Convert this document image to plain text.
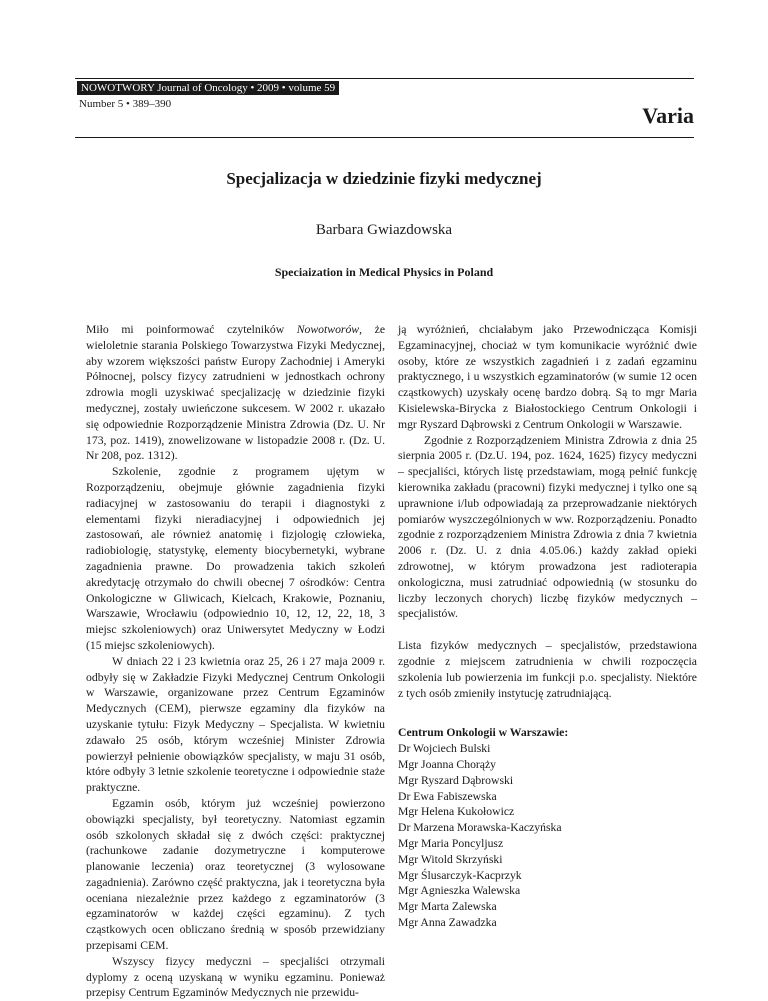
NOWOTWORY Journal of Oncology • 2009 • volume 59
Number 5 • 389–390	Varia
Specjalizacja w dziedzinie fizyki medycznej
Barbara Gwiazdowska
Speciaization in Medical Physics in Poland

Miło mi poinformować czytelników Nowotworów, że wieloletnie starania Polskiego Towarzystwa Fizyki Medycznej, aby wzorem większości państw Europy Zachodniej i Ameryki Północnej, polscy fizycy zatrudnieni w jednostkach ochrony zdrowia mogli uzyskiwać specjalizację w dziedzinie fizyki medycznej, zostały uwieńczone sukcesem. W 2002 r. ukazało się odpowiednie Rozporządzenie Ministra Zdrowia (Dz. U. Nr 173, poz. 1419), znowelizowane w listopadzie 2008 r. (Dz. U. Nr 208, poz. 1312).

Szkolenie, zgodnie z programem ujętym w Rozporządzeniu, obejmuje głównie zagadnienia fizyki radiacyjnej w zastosowaniu do terapii i diagnostyki z elementami fizyki nieradiacyjnej i odpowiednich jej zastosowań, ale również anatomię i fizjologię człowieka, radiobiologię, statystykę, elementy biocybernetyki, wybrane zagadnienia prawne. Do prowadzenia takich szkoleń akredytację otrzymało do chwili obecnej 7 ośrodków: Centra Onkologiczne w Gliwicach, Kielcach, Krakowie, Poznaniu, Warszawie, Wrocławiu (odpowiednio 10, 12, 12, 22, 18, 3 miejsc szkoleniowych) oraz Uniwersytet Medyczny w Łodzi (15 miejsc szkoleniowych).

W dniach 22 i 23 kwietnia oraz 25, 26 i 27 maja 2009 r. odbyły się w Zakładzie Fizyki Medycznej Centrum Onkologii w Warszawie, organizowane przez Centrum Egzaminów Medycznych (CEM), pierwsze egzaminy dla fizyków na uzyskanie tytułu: Fizyk Medyczny – Specjalista. W kwietniu zdawało 25 osób, którym wcześniej Minister Zdrowia powierzył pełnienie obowiązków specjalisty, w maju 31 osób, które odbyły 3 letnie szkolenie teoretyczne i odpowiednie staże praktyczne.

Egzamin osób, którym już wcześniej powierzono obowiązki specjalisty, był teoretyczny. Natomiast egzamin osób szkolonych składał się z dwóch części: praktycznej (rachunkowe zadanie dozymetryczne i komputerowe planowanie leczenia) oraz teoretycznej (3 wylosowane zagadnienia). Zarówno część praktyczna, jak i teoretyczna była oceniana niezależnie przez każdego z egzaminatorów (3 egzaminatorów w każdej części egzaminu). Z tych cząstkowych ocen obliczano średnią w sposób przewidziany przepisami CEM.

Wszyscy fizycy medyczni – specjaliści otrzymali dyplomy z oceną uzyskaną w wyniku egzaminu. Ponieważ przepisy Centrum Egzaminów Medycznych nie przewidu-

ją wyróżnień, chciałabym jako Przewodnicząca Komisji Egzaminacyjnej, chociaż w tym komunikacie wyróżnić dwie osoby, które ze wszystkich zagadnień i z zadań egzaminu praktycznego, i u wszystkich egzaminatorów (w sumie 12 ocen cząstkowych) uzyskały ocenę bardzo dobrą. Są to mgr Maria Kisielewska-Birycka z Białostockiego Centrum Onkologii i mgr Ryszard Dąbrowski z Centrum Onkologii w Warszawie.

Zgodnie z Rozporządzeniem Ministra Zdrowia z dnia 25 sierpnia 2005 r. (Dz.U. 194, poz. 1624, 1625) fizycy medyczni – specjaliści, których listę przedstawiam, mogą pełnić funkcję kierownika zakładu (pracowni) fizyki medycznej i tylko one są uprawnione i/lub odpowiadają za przeprowadzanie niektórych pomiarów wyszczególnionych w ww. Rozporządzeniu. Ponadto zgodnie z rozporządzeniem Ministra Zdrowia z dnia 7 kwietnia 2006 r. (Dz. U. z dnia 4.05.06.) każdy zakład opieki zdrowotnej, w którym prowadzona jest radioterapia onkologiczna, musi zatrudniać odpowiednią (w stosunku do liczby leczonych chorych) liczbę fizyków medycznych – specjalistów.

Lista fizyków medycznych – specjalistów, przedstawiona zgodnie z miejscem zatrudnienia w chwili rozpoczęcia szkolenia lub powierzenia im funkcji p.o. specjalisty. Niektóre z tych osób zmieniły instytucję zatrudniającą.

Centrum Onkologii w Warszawie:

Dr Wojciech Bulski
Mgr Joanna Chorąży
Mgr Ryszard Dąbrowski
Dr Ewa Fabiszewska
Mgr Helena Kukołowicz
Dr Marzena Morawska-Kaczyńska
Mgr Maria Poncyljusz
Mgr Witold Skrzyński
Mgr Ślusarczyk-Kacprzyk
Mgr Agnieszka Walewska
Mgr Marta Zalewska
Mgr Anna Zawadzka
